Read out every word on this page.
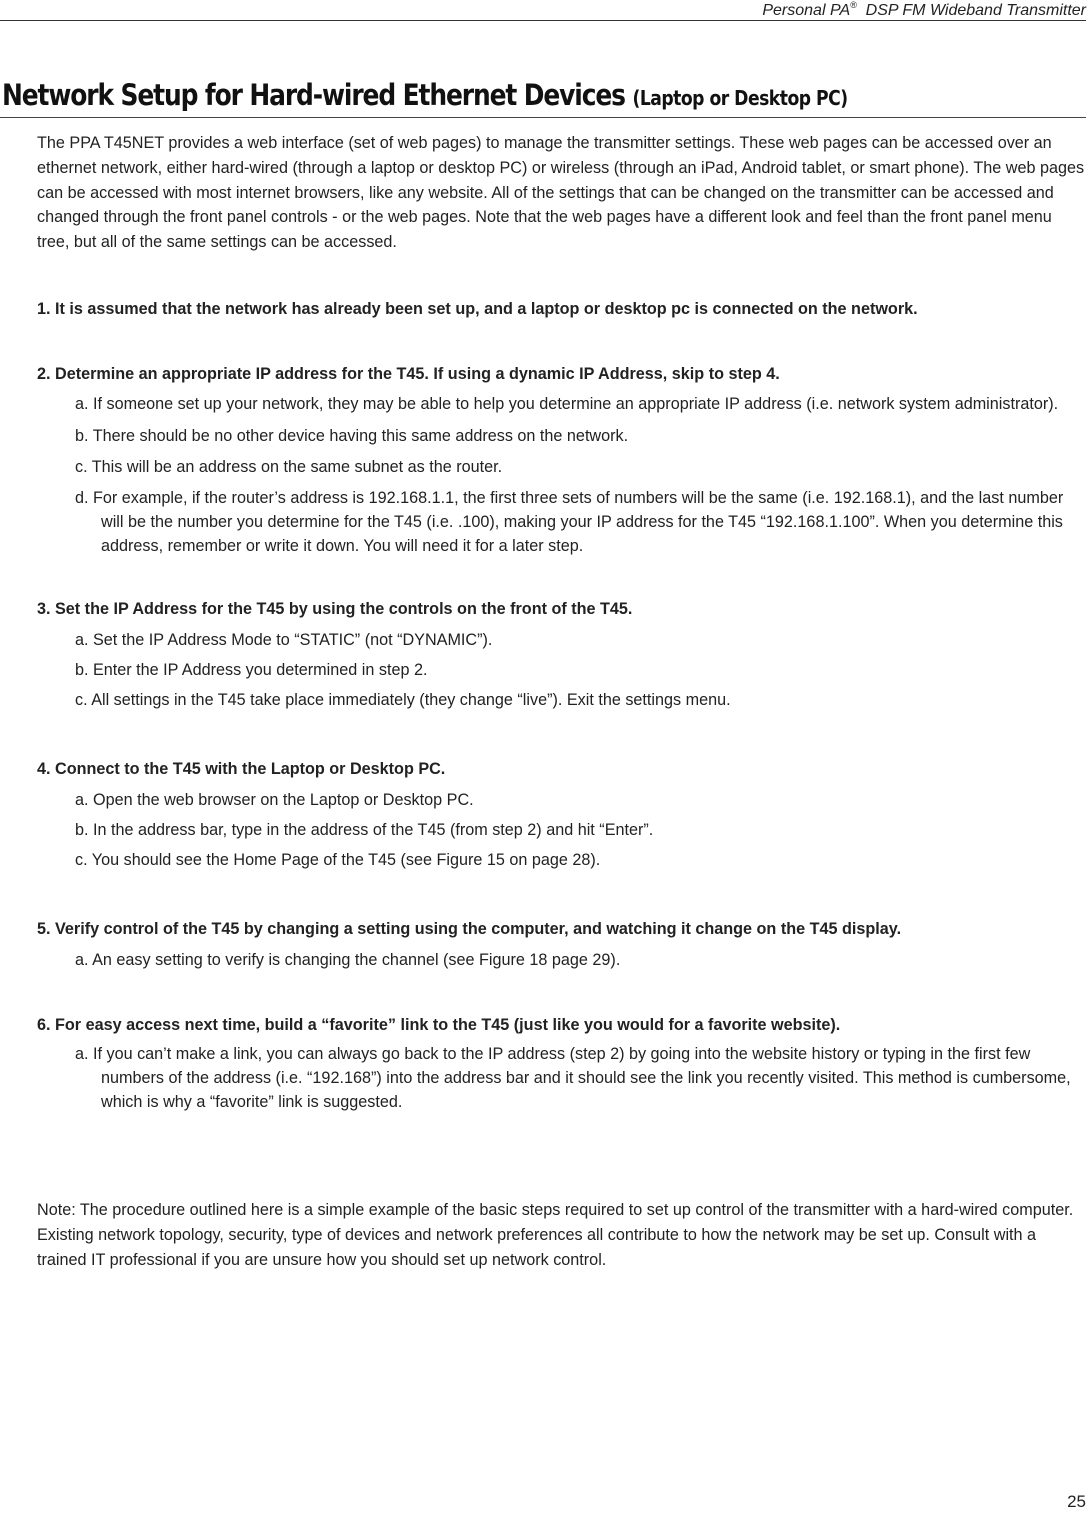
Personal PA®  DSP FM Wideband Transmitter
Network Setup for Hard-wired Ethernet Devices (Laptop or Desktop PC)

The PPA T45NET provides a web interface (set of web pages) to manage the transmitter settings. These web pages can be accessed over an ethernet network, either hard-wired (through a laptop or desktop PC) or wireless (through an iPad, Android tablet, or smart phone). The web pages can be accessed with most internet browsers, like any website. All of the settings that can be changed on the transmitter can be accessed and changed through the front panel controls - or the web pages. Note that the web pages have a different look and feel than the front panel menu tree, but all of the same settings can be accessed.

1. It is assumed that the network has already been set up, and a laptop or desktop pc is connected on the network.

2. Determine an appropriate IP address for the T45. If using a dynamic IP Address, skip to step 4.

a. If someone set up your network, they may be able to help you determine an appropriate IP address (i.e. network system administrator).

b. There should be no other device having this same address on the network.

c. This will be an address on the same subnet as the router.

d. For example, if the router’s address is 192.168.1.1, the first three sets of numbers will be the same (i.e. 192.168.1), and the last number will be the number you determine for the T45 (i.e. .100), making your IP address for the T45 “192.168.1.100”. When you determine this address, remember or write it down. You will need it for a later step.

3. Set the IP Address for the T45 by using the controls on the front of the T45.

a. Set the IP Address Mode to “STATIC” (not “DYNAMIC”).

b. Enter the IP Address you determined in step 2.

c. All settings in the T45 take place immediately (they change “live”). Exit the settings menu.

4. Connect to the T45 with the Laptop or Desktop PC.

a. Open the web browser on the Laptop or Desktop PC.

b. In the address bar, type in the address of the T45 (from step 2) and hit “Enter”.

c. You should see the Home Page of the T45 (see Figure 15 on page 28).

5. Verify control of the T45 by changing a setting using the computer, and watching it change on the T45 display.

a. An easy setting to verify is changing the channel (see Figure 18 page 29).

6. For easy access next time, build a “favorite” link to the T45 (just like you would for a favorite website).

a. If you can’t make a link, you can always go back to the IP address (step 2) by going into the website history or typing in the first few numbers of the address (i.e. “192.168”) into the address bar and it should see the link you recently visited. This method is cumbersome, which is why a “favorite” link is suggested.

Note: The procedure outlined here is a simple example of the basic steps required to set up control of the transmitter with a hard-wired computer. Existing network topology, security, type of devices and network preferences all contribute to how the network may be set up. Consult with a trained IT professional if you are unsure how you should set up network control.

25
